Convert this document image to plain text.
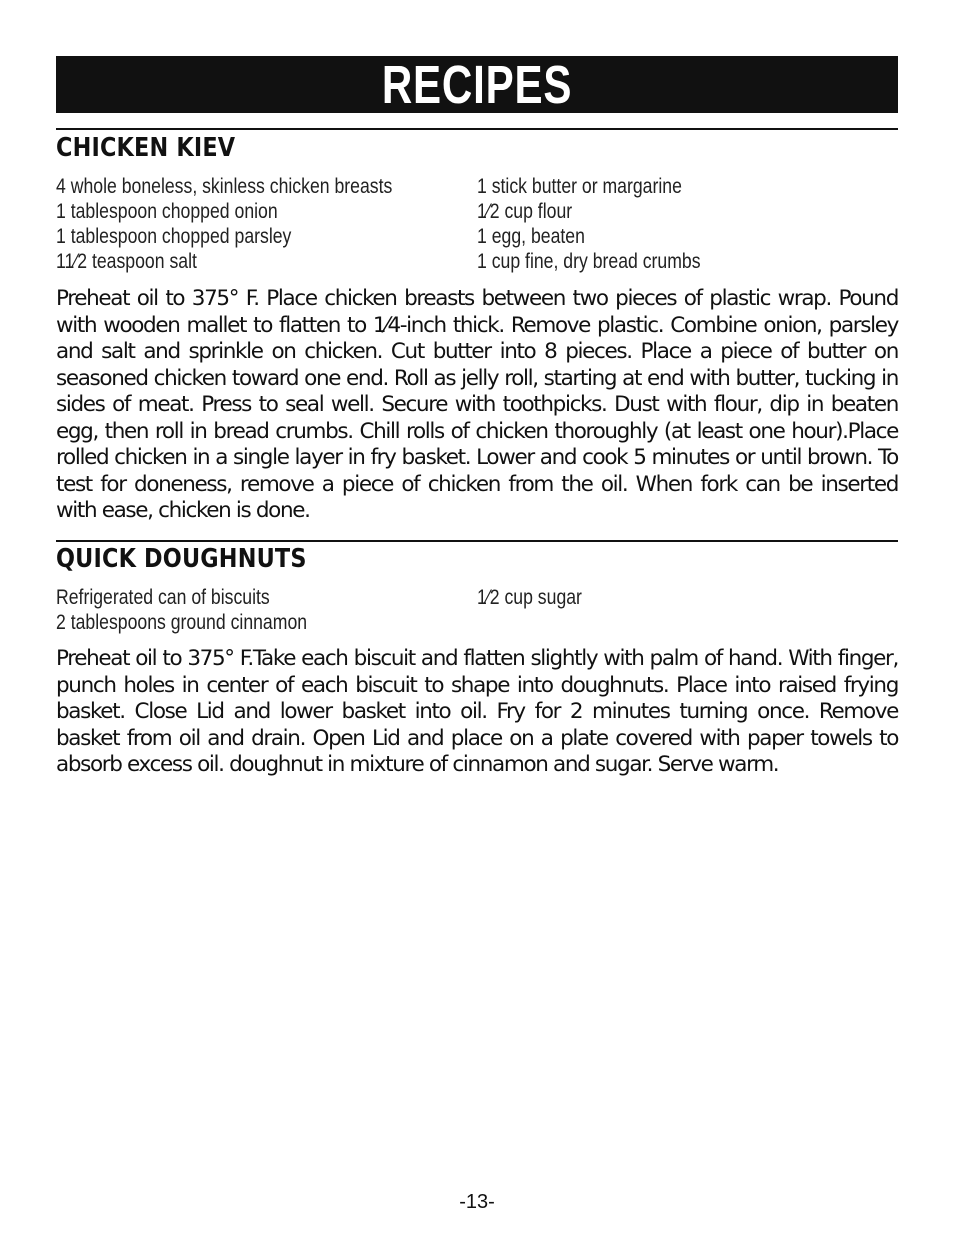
RECIPES
CHICKEN KIEV
4 whole boneless, skinless chicken breasts
1 tablespoon chopped onion
1 tablespoon chopped parsley
11⁄2 teaspoon salt
1 stick butter or margarine
1⁄2 cup flour
1 egg, beaten
1 cup fine, dry bread crumbs
Preheat oil to 375° F. Place chicken breasts between two pieces of plastic wrap. Pound with wooden mallet to flatten to 1⁄4-inch thick. Remove plastic. Combine onion, parsley and salt and sprinkle on chicken. Cut butter into 8 pieces. Place a piece of butter on seasoned chicken toward one end. Roll as jelly roll, starting at end with butter, tucking in sides of meat. Press to seal well. Secure with toothpicks. Dust with flour, dip in beaten egg, then roll in bread crumbs. Chill rolls of chicken thoroughly (at least one hour).Place rolled chicken in a single layer in fry basket. Lower and cook 5 minutes or until brown. To test for doneness, remove a piece of chicken from the oil. When fork can be inserted with ease, chicken is done.
QUICK DOUGHNUTS
Refrigerated can of biscuits
2 tablespoons ground cinnamon
1⁄2 cup sugar
Preheat oil to 375° F.Take each biscuit and flatten slightly with palm of hand. With finger, punch holes in center of each biscuit to shape into doughnuts. Place into raised frying basket. Close Lid and lower basket into oil. Fry for 2 minutes turning once. Remove basket from oil and drain. Open Lid and place on a plate covered with paper towels to absorb excess oil. doughnut in mixture of cinnamon and sugar. Serve warm.
-13-
